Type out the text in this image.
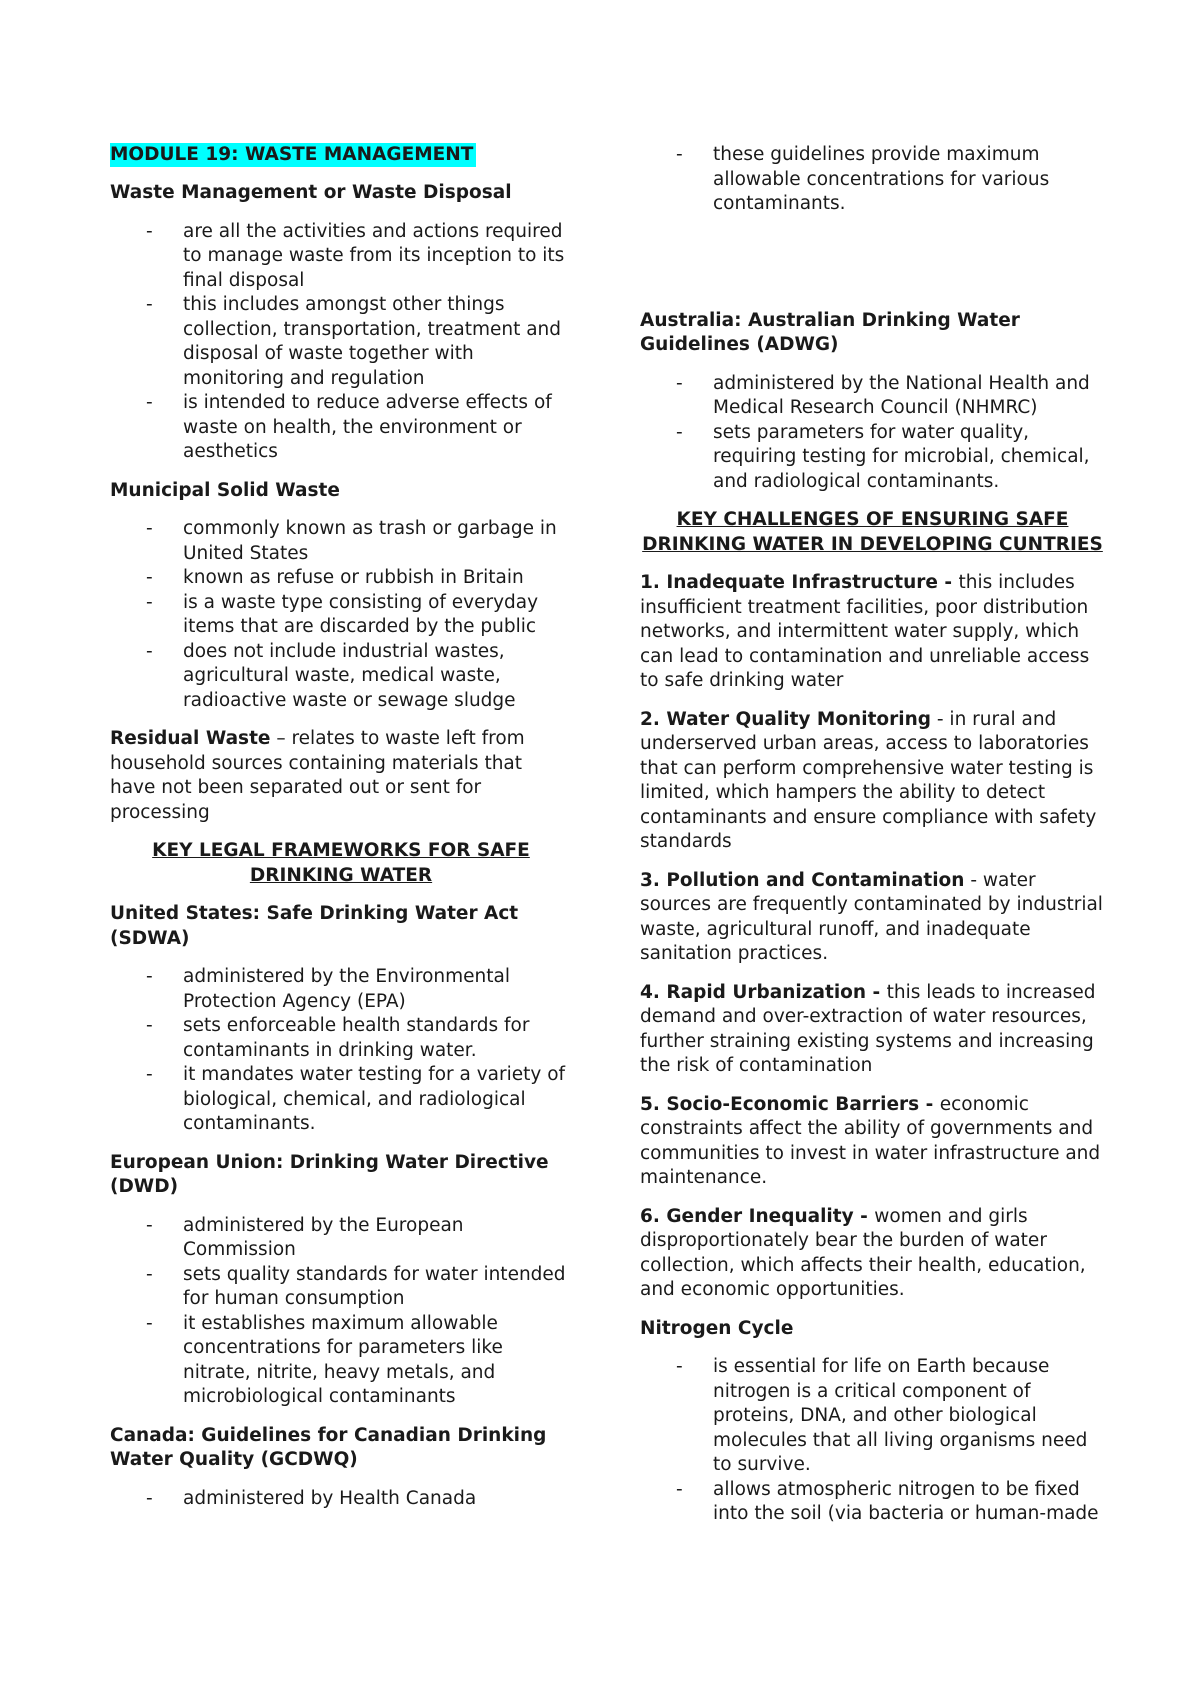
MODULE 19: WASTE MANAGEMENT
Waste Management or Waste Disposal
- are all the activities and actions required to manage waste from its inception to its final disposal
- this includes amongst other things collection, transportation, treatment and disposal of waste together with monitoring and regulation
- is intended to reduce adverse effects of waste on health, the environment or aesthetics
Municipal Solid Waste
- commonly known as trash or garbage in United States
- known as refuse or rubbish in Britain
- is a waste type consisting of everyday items that are discarded by the public
- does not include industrial wastes, agricultural waste, medical waste, radioactive waste or sewage sludge
Residual Waste – relates to waste left from household sources containing materials that have not been separated out or sent for processing
KEY LEGAL FRAMEWORKS FOR SAFE DRINKING WATER
United States: Safe Drinking Water Act (SDWA)
- administered by the Environmental Protection Agency (EPA)
- sets enforceable health standards for contaminants in drinking water.
- it mandates water testing for a variety of biological, chemical, and radiological contaminants.
European Union: Drinking Water Directive (DWD)
- administered by the European Commission
- sets quality standards for water intended for human consumption
- it establishes maximum allowable concentrations for parameters like nitrate, nitrite, heavy metals, and microbiological contaminants
Canada: Guidelines for Canadian Drinking Water Quality (GCDWQ)
- administered by Health Canada
- these guidelines provide maximum allowable concentrations for various contaminants.
Australia: Australian Drinking Water Guidelines (ADWG)
- administered by the National Health and Medical Research Council (NHMRC)
- sets parameters for water quality, requiring testing for microbial, chemical, and radiological contaminants.
KEY CHALLENGES OF ENSURING SAFE DRINKING WATER IN DEVELOPING CUNTRIES
1. Inadequate Infrastructure - this includes insufficient treatment facilities, poor distribution networks, and intermittent water supply, which can lead to contamination and unreliable access to safe drinking water
2. Water Quality Monitoring - in rural and underserved urban areas, access to laboratories that can perform comprehensive water testing is limited, which hampers the ability to detect contaminants and ensure compliance with safety standards
3. Pollution and Contamination - water sources are frequently contaminated by industrial waste, agricultural runoff, and inadequate sanitation practices.
4. Rapid Urbanization - this leads to increased demand and over-extraction of water resources, further straining existing systems and increasing the risk of contamination
5. Socio-Economic Barriers - economic constraints affect the ability of governments and communities to invest in water infrastructure and maintenance.
6. Gender Inequality - women and girls disproportionately bear the burden of water collection, which affects their health, education, and economic opportunities.
Nitrogen Cycle
- is essential for life on Earth because nitrogen is a critical component of proteins, DNA, and other biological molecules that all living organisms need to survive.
- allows atmospheric nitrogen to be fixed into the soil (via bacteria or human-made
